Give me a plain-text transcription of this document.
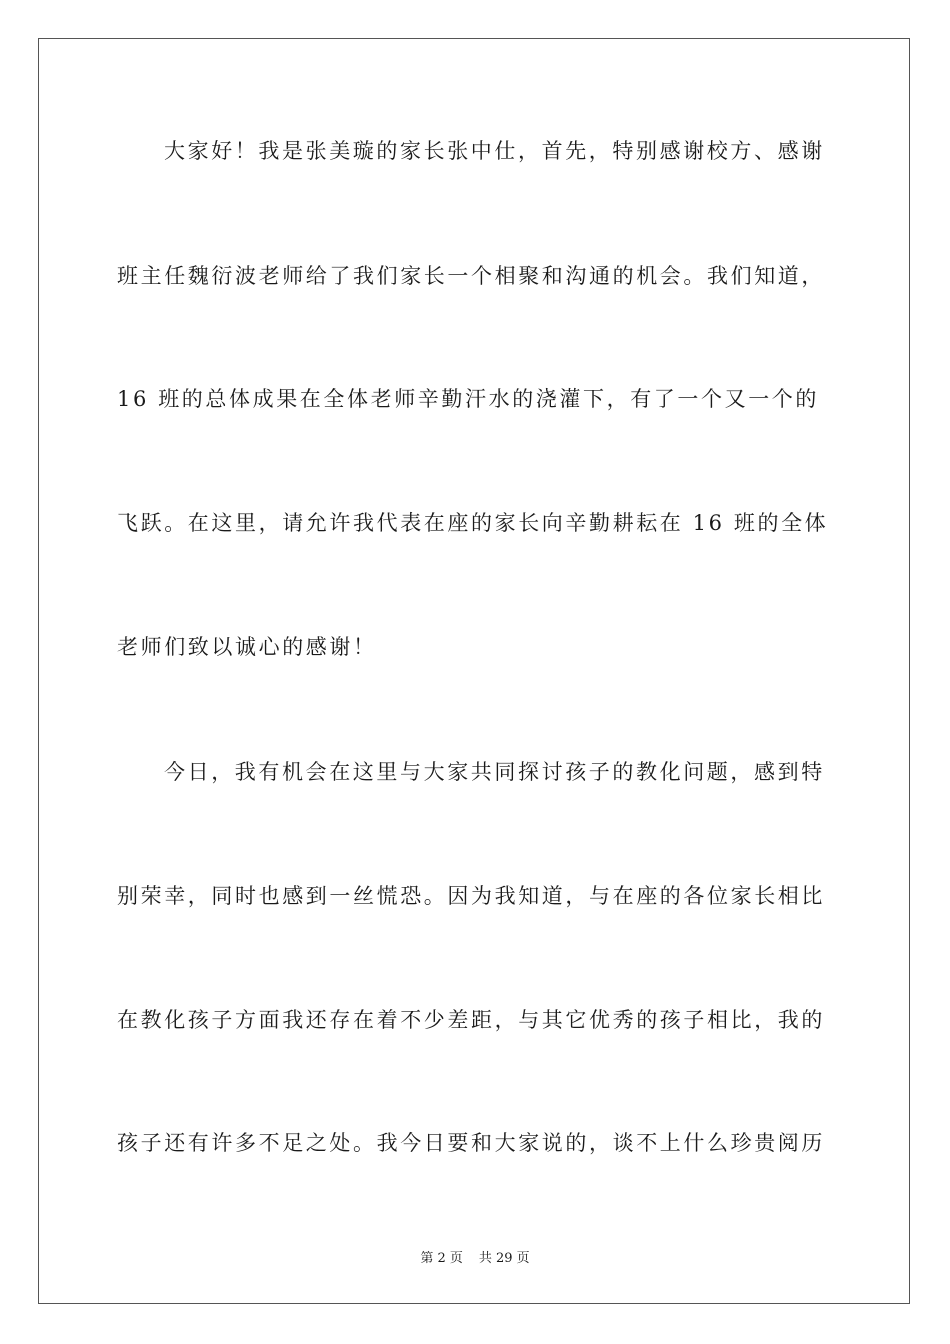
大家好！我是张美璇的家长张中仕，首先，特别感谢校方、感谢
班主任魏衍波老师给了我们家长一个相聚和沟通的机会。我们知道，
16 班的总体成果在全体老师辛勤汗水的浇灌下，有了一个又一个的
飞跃。在这里，请允许我代表在座的家长向辛勤耕耘在 16 班的全体
老师们致以诚心的感谢！
今日，我有机会在这里与大家共同探讨孩子的教化问题，感到特
别荣幸，同时也感到一丝慌恐。因为我知道，与在座的各位家长相比
在教化孩子方面我还存在着不少差距，与其它优秀的孩子相比，我的
孩子还有许多不足之处。我今日要和大家说的，谈不上什么珍贵阅历
第 2 页 共 29 页
